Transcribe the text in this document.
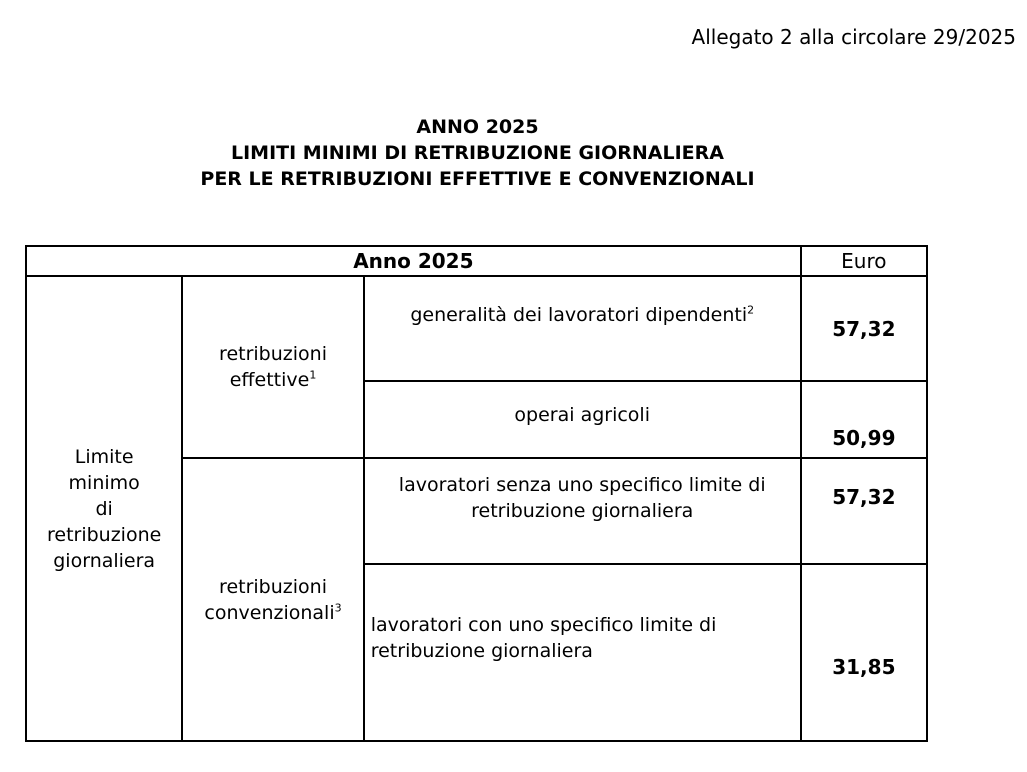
Allegato 2 alla circolare 29/2025
ANNO 2025
LIMITI MINIMI DI RETRIBUZIONE GIORNALIERA
PER LE RETRIBUZIONI EFFETTIVE E CONVENZIONALI
Anno 2025			Euro

Limite
minimo
di
retribuzione
giornaliera	retribuzioni effettive$^1$	generalità dei lavoratori dipendenti$^2$	57,32
		operai agricoli	50,99
	retribuzioni convenzionali$^3$	lavoratori senza uno specifico limite di retribuzione giornaliera	57,32
		lavoratori con uno specifico limite di retribuzione giornaliera	31,85
